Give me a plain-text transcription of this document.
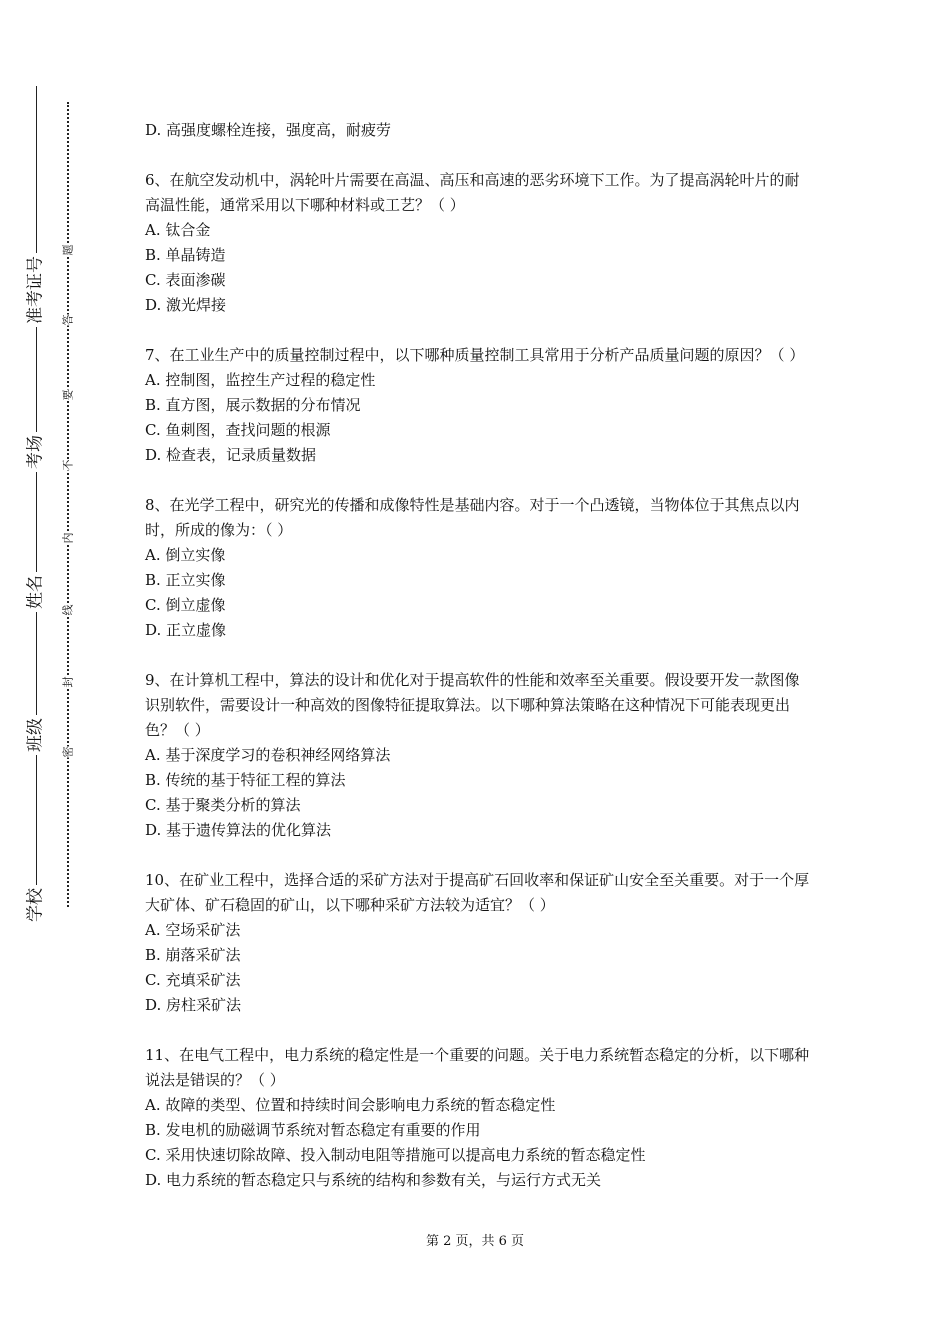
准考证号
考场
姓名
班级
学校
题
答
要
不
内
线
封
密

D. 高强度螺栓连接，强度高，耐疲劳

6、在航空发动机中，涡轮叶片需要在高温、高压和高速的恶劣环境下工作。为了提高涡轮叶片的耐高温性能，通常采用以下哪种材料或工艺？（ ）

A. 钛合金

B. 单晶铸造

C. 表面渗碳

D. 激光焊接

7、在工业生产中的质量控制过程中，以下哪种质量控制工具常用于分析产品质量问题的原因？（ ）

A. 控制图，监控生产过程的稳定性

B. 直方图，展示数据的分布情况

C. 鱼刺图，查找问题的根源

D. 检查表，记录质量数据

8、在光学工程中，研究光的传播和成像特性是基础内容。对于一个凸透镜，当物体位于其焦点以内时，所成的像为：（ ）

A. 倒立实像

B. 正立实像

C. 倒立虚像

D. 正立虚像

9、在计算机工程中，算法的设计和优化对于提高软件的性能和效率至关重要。假设要开发一款图像识别软件，需要设计一种高效的图像特征提取算法。以下哪种算法策略在这种情况下可能表现更出色？（ ）

A. 基于深度学习的卷积神经网络算法

B. 传统的基于特征工程的算法

C. 基于聚类分析的算法

D. 基于遗传算法的优化算法

10、在矿业工程中，选择合适的采矿方法对于提高矿石回收率和保证矿山安全至关重要。对于一个厚大矿体、矿石稳固的矿山，以下哪种采矿方法较为适宜？（ ）

A. 空场采矿法

B. 崩落采矿法

C. 充填采矿法

D. 房柱采矿法

11、在电气工程中，电力系统的稳定性是一个重要的问题。关于电力系统暂态稳定的分析，以下哪种说法是错误的？（ ）

A. 故障的类型、位置和持续时间会影响电力系统的暂态稳定性

B. 发电机的励磁调节系统对暂态稳定有重要的作用

C. 采用快速切除故障、投入制动电阻等措施可以提高电力系统的暂态稳定性

D. 电力系统的暂态稳定只与系统的结构和参数有关，与运行方式无关

第 2 页，共 6 页
